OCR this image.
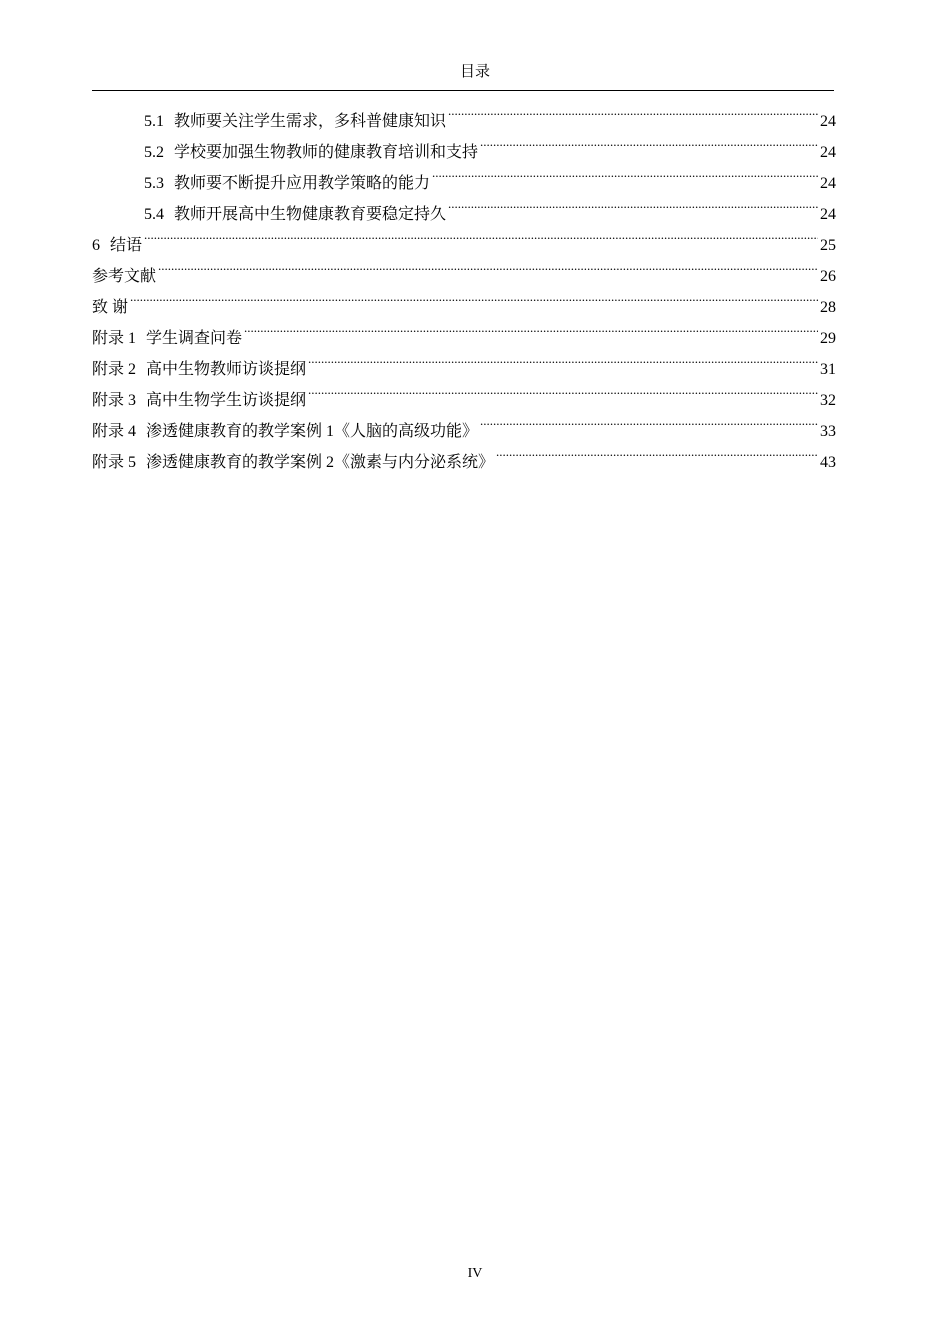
目录
5.1 教师要关注学生需求，多科普健康知识 .....	24
5.2 学校要加强生物教师的健康教育培训和支持 .....	24
5.3 教师要不断提升应用教学策略的能力 .....	24
5.4 教师开展高中生物健康教育要稳定持久 .....	24
6 结语 .....	25
参考文献 .....	26
致 谢 .....	28
附录 1 学生调查问卷 .....	29
附录 2 高中生物教师访谈提纲 .....	31
附录 3 高中生物学生访谈提纲 .....	32
附录 4 渗透健康教育的教学案例 1《人脑的高级功能》 .....	33
附录 5 渗透健康教育的教学案例 2《激素与内分泌系统》 .....	43
IV
